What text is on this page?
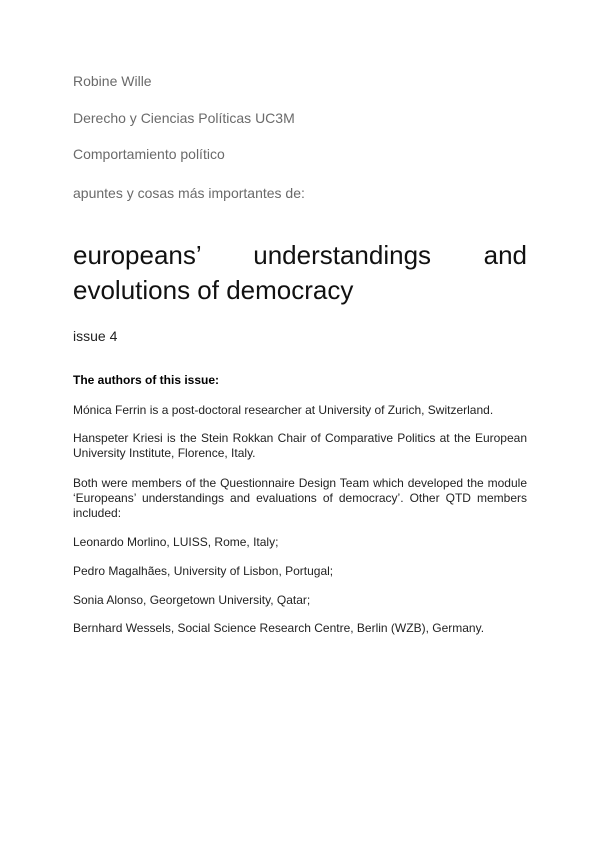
Robine Wille

Derecho y Ciencias Políticas UC3M

Comportamiento político

apuntes y cosas más importantes de:

europeans’ understandings and
evolutions of democracy

issue 4

The authors of this issue:

Mónica Ferrin is a post-doctoral researcher at University of Zurich, Switzerland.

Hanspeter Kriesi is the Stein Rokkan Chair of Comparative Politics at the European University Institute, Florence, Italy.

Both were members of the Questionnaire Design Team which developed the module ‘Europeans’ understandings and evaluations of democracy’. Other QTD members included:

Leonardo Morlino, LUISS, Rome, Italy;

Pedro Magalhães, University of Lisbon, Portugal;

Sonia Alonso, Georgetown University, Qatar;

Bernhard Wessels, Social Science Research Centre, Berlin (WZB), Germany.
